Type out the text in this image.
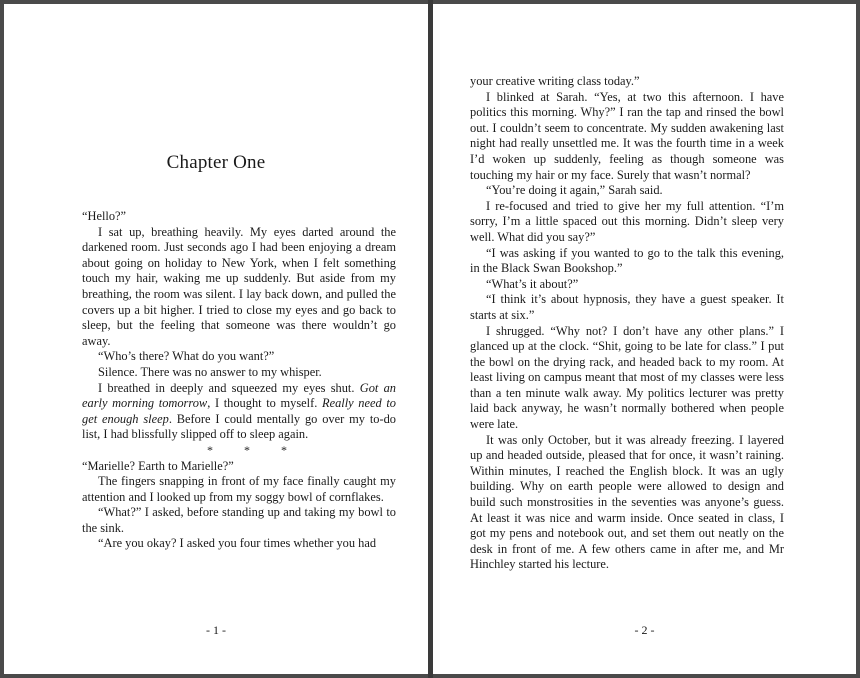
Chapter One

“Hello?”

I sat up, breathing heavily. My eyes darted around the darkened room. Just seconds ago I had been enjoying a dream about going on holiday to New York, when I felt something touch my hair, waking me up suddenly. But aside from my breathing, the room was silent. I lay back down, and pulled the covers up a bit higher. I tried to close my eyes and go back to sleep, but the feeling that someone was there wouldn’t go away.

“Who’s there? What do you want?”

Silence. There was no answer to my whisper.

I breathed in deeply and squeezed my eyes shut. Got an early morning tomorrow, I thought to myself. Really need to get enough sleep. Before I could mentally go over my to-do list, I had blissfully slipped off to sleep again.

* * *

“Marielle? Earth to Marielle?”

The fingers snapping in front of my face finally caught my attention and I looked up from my soggy bowl of cornflakes.

“What?” I asked, before standing up and taking my bowl to the sink.

“Are you okay? I asked you four times whether you had

- 1 -

your creative writing class today.”

I blinked at Sarah. “Yes, at two this afternoon. I have politics this morning. Why?” I ran the tap and rinsed the bowl out. I couldn’t seem to concentrate. My sudden awakening last night had really unsettled me. It was the fourth time in a week I’d woken up suddenly, feeling as though someone was touching my hair or my face. Surely that wasn’t normal?

“You’re doing it again,” Sarah said.

I re-focused and tried to give her my full attention. “I’m sorry, I’m a little spaced out this morning. Didn’t sleep very well. What did you say?”

“I was asking if you wanted to go to the talk this evening, in the Black Swan Bookshop.”

“What’s it about?”

“I think it’s about hypnosis, they have a guest speaker. It starts at six.”

I shrugged. “Why not? I don’t have any other plans.” I glanced up at the clock. “Shit, going to be late for class.” I put the bowl on the drying rack, and headed back to my room. At least living on campus meant that most of my classes were less than a ten minute walk away. My politics lecturer was pretty laid back anyway, he wasn’t normally bothered when people were late.

It was only October, but it was already freezing. I layered up and headed outside, pleased that for once, it wasn’t raining. Within minutes, I reached the English block. It was an ugly building. Why on earth people were allowed to design and build such monstrosities in the seventies was anyone’s guess. At least it was nice and warm inside. Once seated in class, I got my pens and notebook out, and set them out neatly on the desk in front of me. A few others came in after me, and Mr Hinchley started his lecture.

- 2 -
